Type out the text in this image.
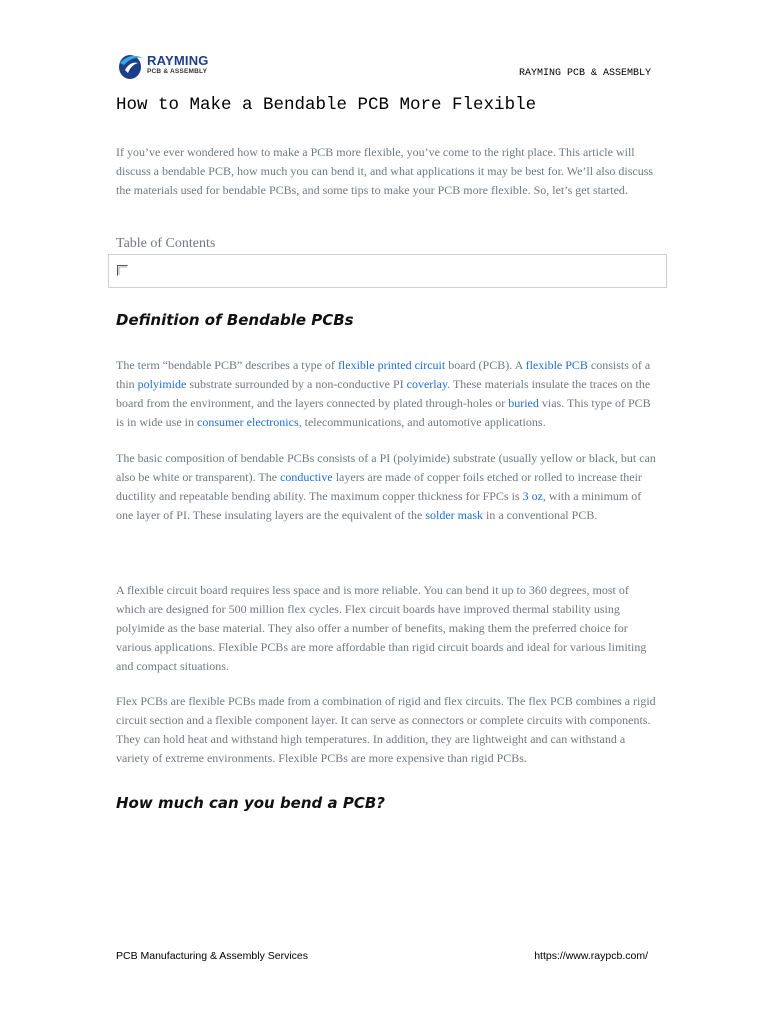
RAYMING
PCB & ASSEMBLY	RAYMING PCB & ASSEMBLY
How to Make a Bendable PCB More Flexible

If you’ve ever wondered how to make a PCB more flexible, you’ve come to the right place. This article will discuss a bendable PCB, how much you can bend it, and what applications it may be best for. We’ll also discuss the materials used for bendable PCBs, and some tips to make your PCB more flexible. So, let’s get started.

Table of Contents
Definition of Bendable PCBs

The term “bendable PCB” describes a type of flexible printed circuit board (PCB). A flexible PCB consists of a thin polyimide substrate surrounded by a non-conductive PI coverlay. These materials insulate the traces on the board from the environment, and the layers connected by plated through-holes or buried vias. This type of PCB is in wide use in consumer electronics, telecommunications, and automotive applications.

The basic composition of bendable PCBs consists of a PI (polyimide) substrate (usually yellow or black, but can also be white or transparent). The conductive layers are made of copper foils etched or rolled to increase their ductility and repeatable bending ability. The maximum copper thickness for FPCs is 3 oz, with a minimum of one layer of PI. These insulating layers are the equivalent of the solder mask in a conventional PCB.

A flexible circuit board requires less space and is more reliable. You can bend it up to 360 degrees, most of which are designed for 500 million flex cycles. Flex circuit boards have improved thermal stability using polyimide as the base material. They also offer a number of benefits, making them the preferred choice for various applications. Flexible PCBs are more affordable than rigid circuit boards and ideal for various limiting and compact situations.

Flex PCBs are flexible PCBs made from a combination of rigid and flex circuits. The flex PCB combines a rigid circuit section and a flexible component layer. It can serve as connectors or complete circuits with components. They can hold heat and withstand high temperatures. In addition, they are lightweight and can withstand a variety of extreme environments. Flexible PCBs are more expensive than rigid PCBs.

How much can you bend a PCB?
PCB Manufacturing & Assembly Services	https://www.raypcb.com/
